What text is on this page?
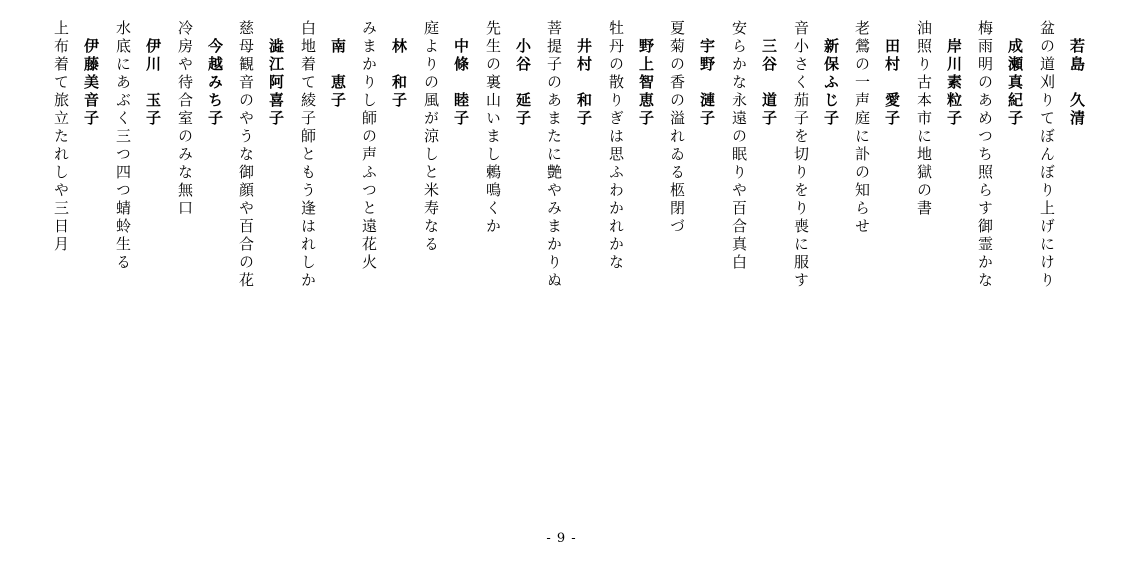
若島　久清
盆の道刈りてぼんぼり上げにけり
成瀬真紀子
梅雨明のあめつち照らす御霊かな
岸川素粒子
油照り古本市に地獄の書
田村　愛子
老鶯の一声庭に訃の知らせ
新保ふじ子
音小さく茄子を切りをり喪に服す
三谷　道子
安らかな永遠の眠りや百合真白
宇野　漣子
夏菊の香の溢れゐる柩閉づ
野上智恵子
牡丹の散りぎは思ふわかれかな
井村　和子
菩提子のあまたに艶やみまかりぬ
小谷　延子
先生の裏山いまし鶫鳴くか
中條　睦子
庭よりの風が涼しと米寿なる
林　和子
みまかりし師の声ふつと遠花火
南　恵子
白地着て綾子師ともう逢はれしか
澁江阿喜子
慈母観音のやうな御顔や百合の花
今越みち子
冷房や待合室のみな無口
伊川　玉子
水底にあぶく三つ四つ蜻蛉生る
伊藤美音子
上布着て旅立たれしや三日月
- 9 -
